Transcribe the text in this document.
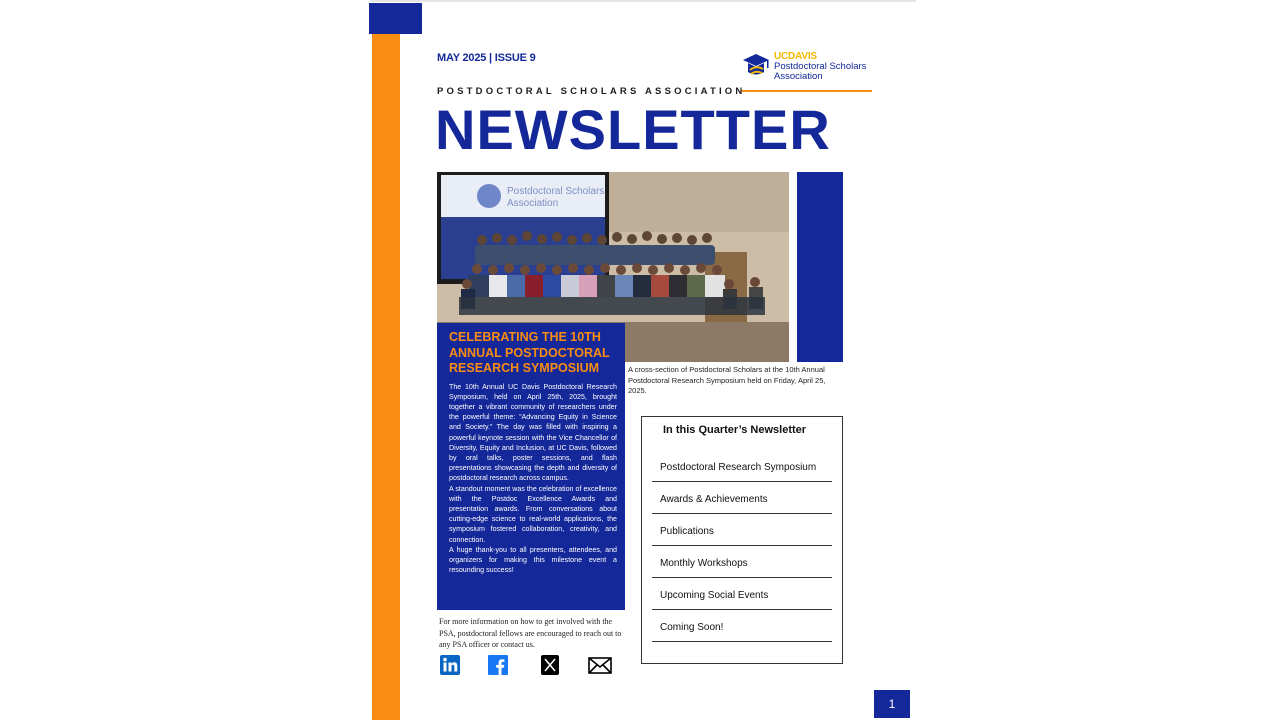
MAY 2025 | ISSUE 9	UCDAVIS
Postdoctoral Scholars
Association
POSTDOCTORAL SCHOLARS ASSOCIATION
NEWSLETTER
Postdoctoral Scholars
Association
A cross-section of Postdoctoral Scholars at the 10th Annual Postdoctoral Research Symposium held on Friday, April 25, 2025.
CELEBRATING THE 10TH ANNUAL POSTDOCTORAL RESEARCH SYMPOSIUM

The 10th Annual UC Davis Postdoctoral Research Symposium, held on April 25th, 2025, brought together a vibrant community of researchers under the powerful theme: “Advancing Equity in Science and Society.” The day was filled with inspiring a powerful keynote session with the Vice Chancellor of Diversity, Equity and Inclusion, at UC Davis, followed by oral talks, poster sessions, and flash presentations showcasing the depth and diversity of postdoctoral research across campus.

A standout moment was the celebration of excellence with the Postdoc Excellence Awards and presentation awards. From conversations about cutting-edge science to real-world applications, the symposium fostered collaboration, creativity, and connection.

A huge thank-you to all presenters, attendees, and organizers for making this milestone event a resounding success!

For more information on how to get involved with the PSA, postdoctoral fellows are encouraged to reach out to any PSA officer or contact us.
In this Quarter’s Newsletter
Postdoctoral Research Symposium
Awards & Achievements
Publications
Monthly Workshops
Upcoming Social Events
Coming Soon!
1
